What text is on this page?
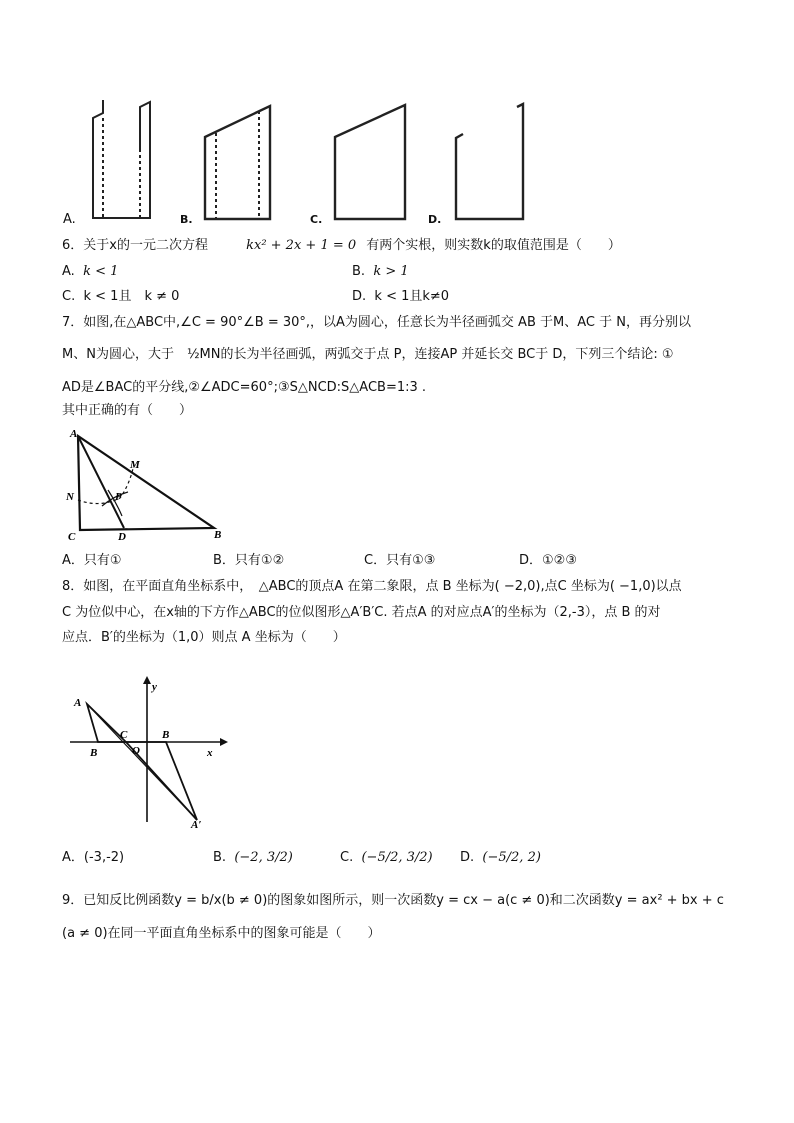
A.	B.	C.	D.
6．关于x的一元二次方程	kx² + 2x + 1 = 0 有两个实根，则实数k的取值范围是（　　）
A. k < 1	B. k > 1
C. k < 1且　k ≠ 0	D. k < 1且k≠0
7．如图,在△ABC中,∠C = 90°∠B = 30°,，以A为圆心，任意长为半径画弧交 AB 于M、AC 于 N，再分别以
M、N为圆心，大于　½MN的长为半径画弧，两弧交于点 P，连接AP 并延长交 BC于 D，下列三个结论: ①
AD是∠BAC的平分线,②∠ADC=60°;③S△NCD:S△ACB=1:3 .
其中正确的有（　　）
A
M
N	P
C	D	B
A．只有①	B．只有①②	C．只有①③	D．①②③
8．如图，在平面直角坐标系中，　△ABC的顶点A 在第二象限，点 B 坐标为( −2,0),点C 坐标为( −1,0)以点
C 为位似中心，在x轴的下方作△ABC的位似图形△A′B′C. 若点A 的对应点A′的坐标为（2,-3），点 B 的对
应点．B′的坐标为（1,0）则点 A 坐标为（　　）
A
B
C
O
B
A′
x
y
A．(-3,-2)	B. (−2, 3/2)	C. (−5/2, 3/2) D. (−5/2, 2)
9．已知反比例函数y = b/x(b ≠ 0)的图象如图所示，则一次函数y = cx − a(c ≠ 0)和二次函数y = ax² + bx + c
(a ≠ 0)在同一平面直角坐标系中的图象可能是（　　）
